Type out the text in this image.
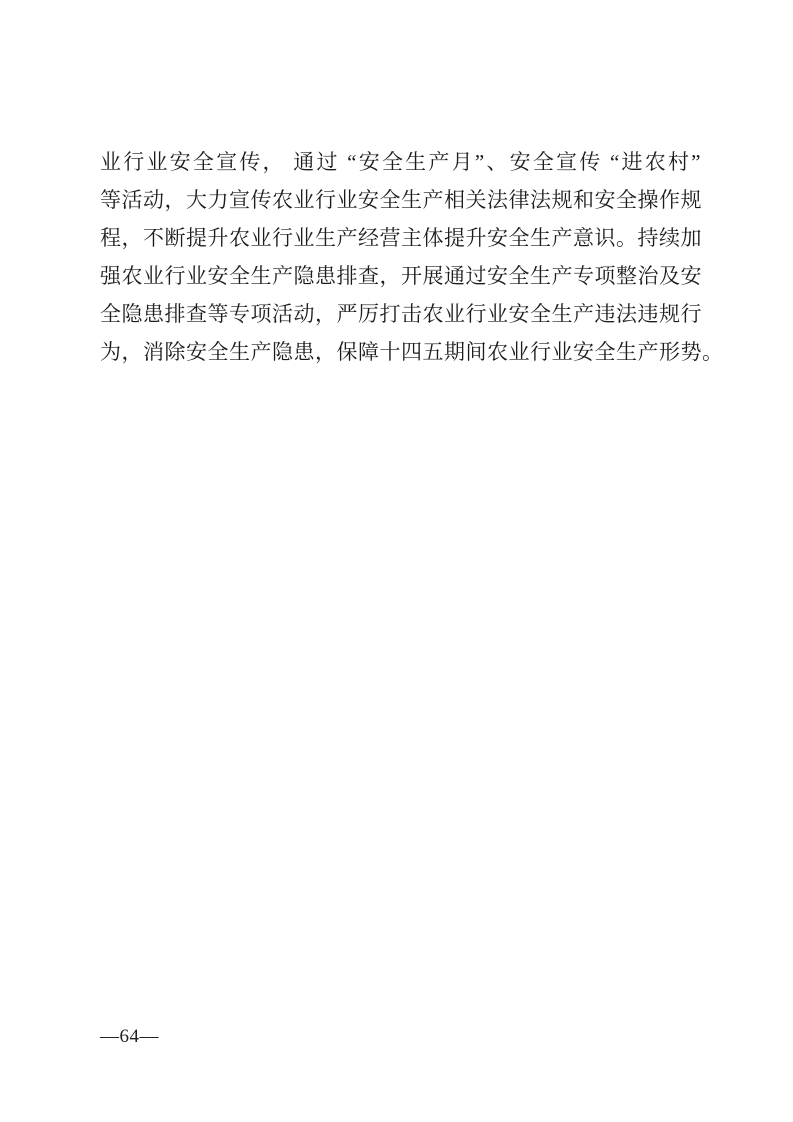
业行业安全宣传， 通过 “安全生产月”、安全宣传 “进农村”
等活动，大力宣传农业行业安全生产相关法律法规和安全操作规
程，不断提升农业行业生产经营主体提升安全生产意识。持续加
强农业行业安全生产隐患排查，开展通过安全生产专项整治及安
全隐患排查等专项活动，严厉打击农业行业安全生产违法违规行
为，消除安全生产隐患，保障十四五期间农业行业安全生产形势。
—64—
